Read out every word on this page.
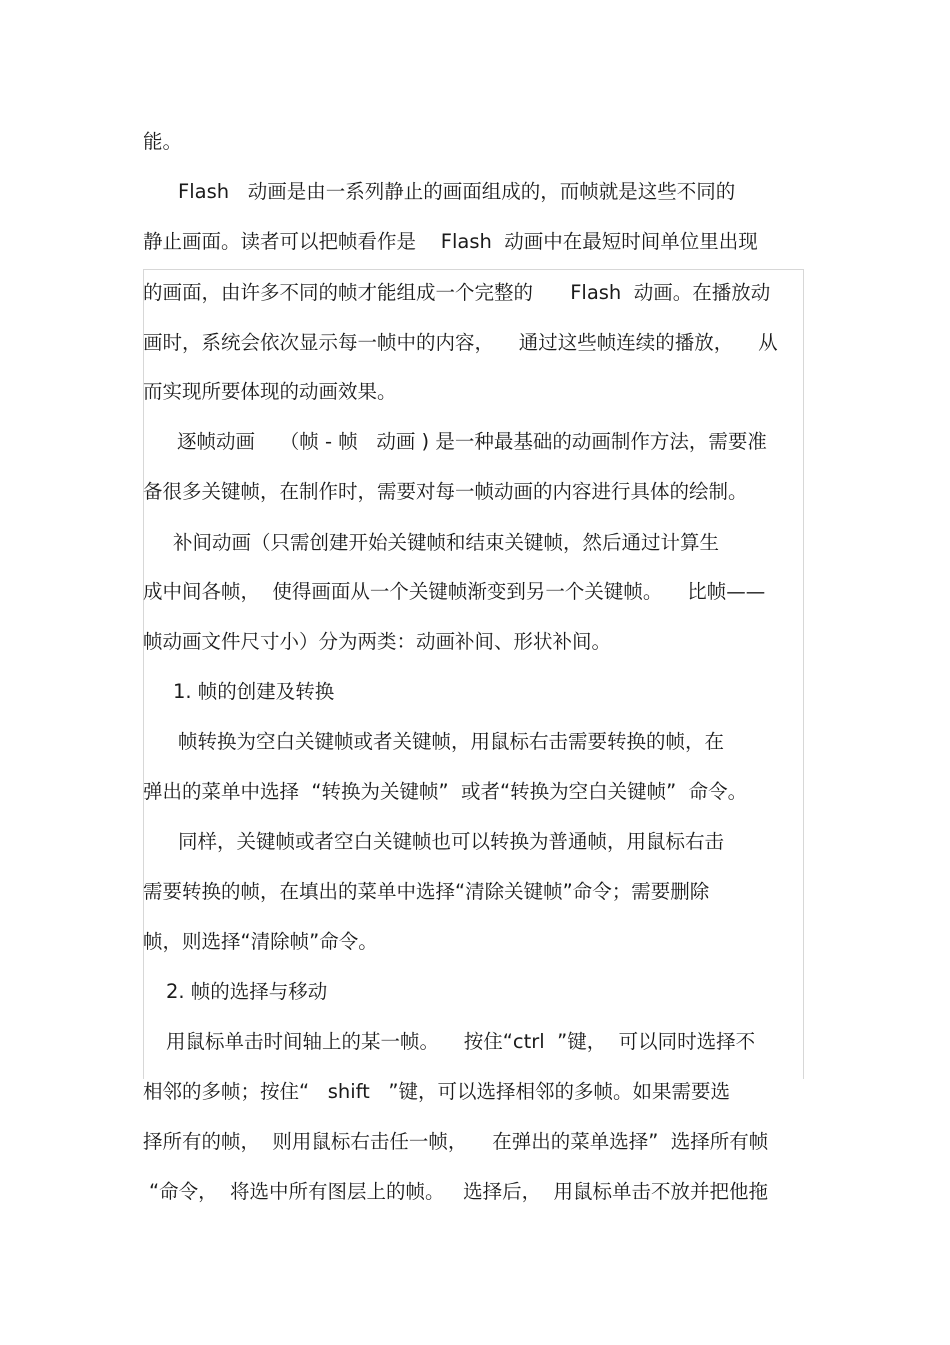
能。
Flash   动画是由一系列静止的画面组成的，而帧就是这些不同的
静止画面。读者可以把帧看作是    Flash  动画中在最短时间单位里出现
的画面，由许多不同的帧才能组成一个完整的      Flash  动画。在播放动
画时，系统会依次显示每一帧中的内容，    通过这些帧连续的播放，    从
而实现所要体现的动画效果。
逐帧动画    （帧 - 帧   动画 ) 是一种最基础的动画制作方法，需要准
备很多关键帧，在制作时，需要对每一帧动画的内容进行具体的绘制。
补间动画（只需创建开始关键帧和结束关键帧，然后通过计算生
成中间各帧，  使得画面从一个关键帧渐变到另一个关键帧。    比帧——
帧动画文件尺寸小）分为两类：动画补间、形状补间。
1. 帧的创建及转换
帧转换为空白关键帧或者关键帧，用鼠标右击需要转换的帧，在
弹出的菜单中选择  “转换为关键帧”  或者“转换为空白关键帧”  命令。
同样，关键帧或者空白关键帧也可以转换为普通帧，用鼠标右击
需要转换的帧，在填出的菜单中选择“清除关键帧”命令；需要删除
帧，则选择“清除帧”命令。
2. 帧的选择与移动
用鼠标单击时间轴上的某一帧。    按住“ctrl  ”键，  可以同时选择不
相邻的多帧；按住“   shift   ”键，可以选择相邻的多帧。如果需要选
择所有的帧，  则用鼠标右击任一帧，    在弹出的菜单选择”  选择所有帧
“命令，  将选中所有图层上的帧。   选择后，  用鼠标单击不放并把他拖
